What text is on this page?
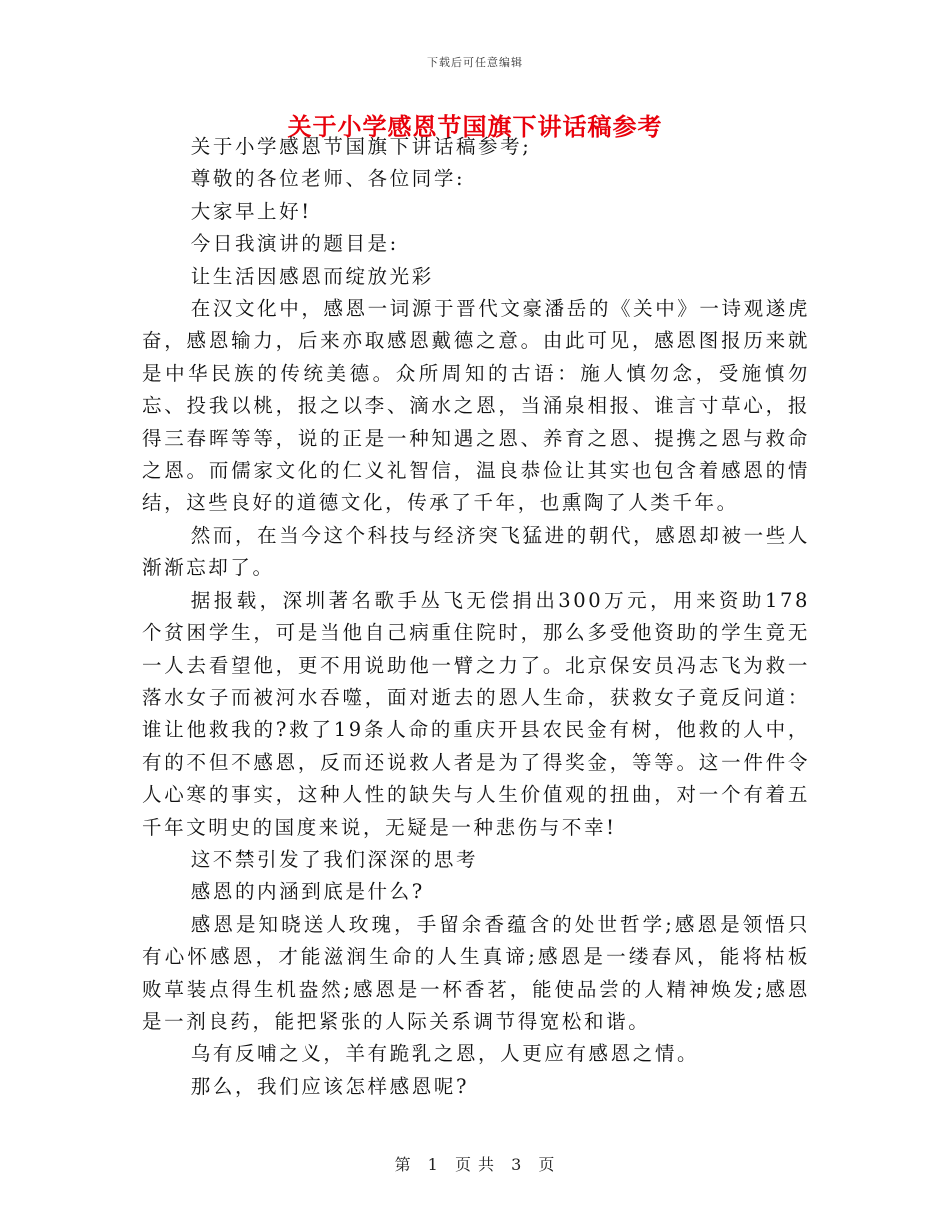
下载后可任意编辑
关于小学感恩节国旗下讲话稿参考

关于小学感恩节国旗下讲话稿参考;

尊敬的各位老师、各位同学:

大家早上好!

今日我演讲的题目是:

让生活因感恩而绽放光彩

在汉文化中，感恩一词源于晋代文豪潘岳的《关中》一诗观遂虎奋，感恩输力，后来亦取感恩戴德之意。由此可见，感恩图报历来就是中华民族的传统美德。众所周知的古语：施人慎勿念，受施慎勿忘、投我以桃，报之以李、滴水之恩，当涌泉相报、谁言寸草心，报得三春晖等等，说的正是一种知遇之恩、养育之恩、提携之恩与救命之恩。而儒家文化的仁义礼智信，温良恭俭让其实也包含着感恩的情结，这些良好的道德文化，传承了千年，也熏陶了人类千年。

然而，在当今这个科技与经济突飞猛进的朝代，感恩却被一些人渐渐忘却了。

据报载，深圳著名歌手丛飞无偿捐出300万元，用来资助178个贫困学生，可是当他自己病重住院时，那么多受他资助的学生竟无一人去看望他，更不用说助他一臂之力了。北京保安员冯志飞为救一落水女子而被河水吞噬，面对逝去的恩人生命，获救女子竟反问道：谁让他救我的?救了19条人命的重庆开县农民金有树，他救的人中，有的不但不感恩，反而还说救人者是为了得奖金，等等。这一件件令人心寒的事实，这种人性的缺失与人生价值观的扭曲，对一个有着五千年文明史的国度来说，无疑是一种悲伤与不幸!

这不禁引发了我们深深的思考

感恩的内涵到底是什么?

感恩是知晓送人玫瑰，手留余香蕴含的处世哲学;感恩是领悟只有心怀感恩，才能滋润生命的人生真谛;感恩是一缕春风，能将枯板败草装点得生机盎然;感恩是一杯香茗，能使品尝的人精神焕发;感恩是一剂良药，能把紧张的人际关系调节得宽松和谐。

乌有反哺之义，羊有跪乳之恩，人更应有感恩之情。

那么，我们应该怎样感恩呢?

第 1 页 共 3 页
